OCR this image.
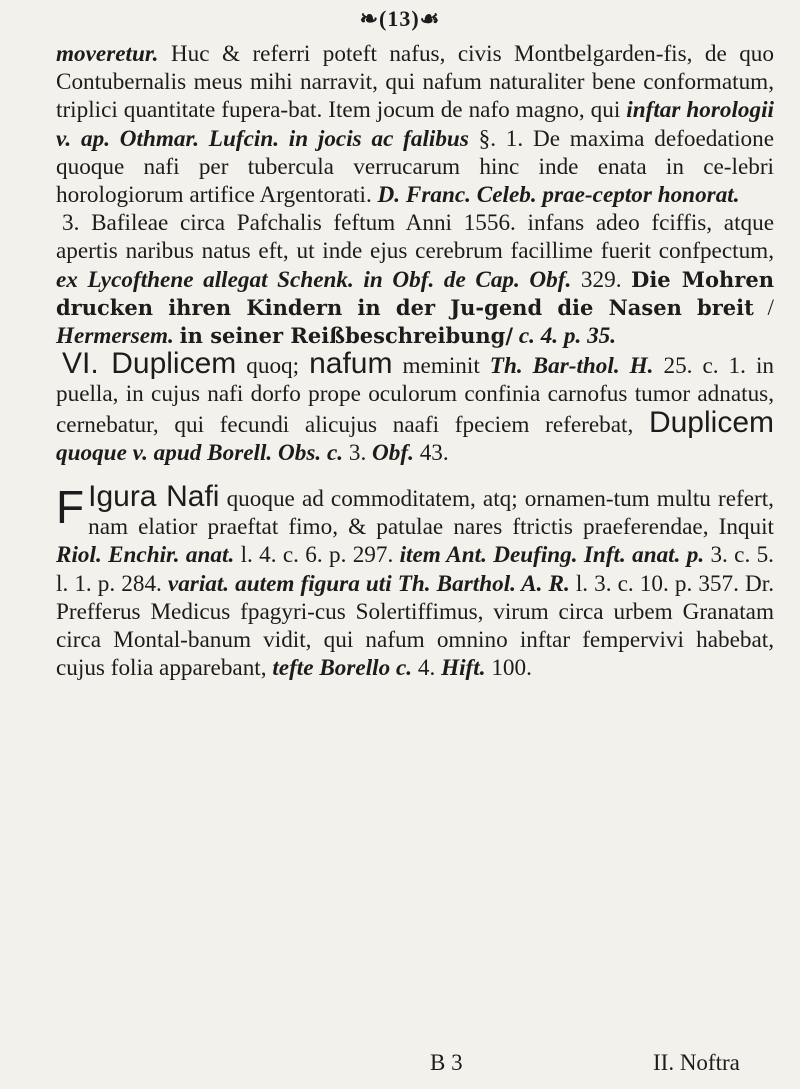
❧(13)☙

moveretur. Huc & referri poteft nafus, civis Montbelgarden-fis, de quo Contubernalis meus mihi narravit, qui nafum naturaliter bene conformatum, triplici quantitate fupera-bat. Item jocum de nafo magno, qui inftar horologii v. ap. Othmar. Lufcin. in jocis ac falibus §. 1. De maxima defoedatione quoque nafi per tubercula verrucarum hinc inde enata in ce-lebri horologiorum artifice Argentorati. D. Franc. Celeb. prae-ceptor honorat.

3. Bafileae circa Pafchalis feftum Anni 1556. infans adeo fciffis, atque apertis naribus natus eft, ut inde ejus cerebrum facillime fuerit confpectum, ex Lycofthene allegat Schenk. in Obf. de Cap. Obf. 329. Die Mohren drucken ihren Kindern in der Ju-gend die Nasen breit / Hermersem. in seiner Reißbeschreibung/ c. 4. p. 35.

VI. Duplicem quoq; nafum meminit Th. Bar-thol. H. 25. c. 1. in puella, in cujus nafi dorfo prope oculorum confinia carnofus tumor adnatus, cernebatur, qui fecundi alicujus naafi fpeciem referebat, Duplicem quoque v. apud Borell. Obs. c. 3. Obf. 43.

F Igura Nafi quoque ad commoditatem, atq; ornamen-tum multu refert, nam elatior praeftat fimo, & patulae nares ftrictis praeferendae, Inquit Riol. Enchir. anat. l. 4. c. 6. p. 297. item Ant. Deufing. Inft. anat. p. 3. c. 5. l. 1. p. 284. variat. autem figura uti Th. Barthol. A. R. l. 3. c. 10. p. 357. Dr. Prefferus Medicus fpagyri-cus Solertiffimus, virum circa urbem Granatam circa Montal-banum vidit, qui nafum omnino inftar fempervivi habebat, cujus folia apparebant, tefte Borello c. 4. Hift. 100.

B 3	II. Noftra
